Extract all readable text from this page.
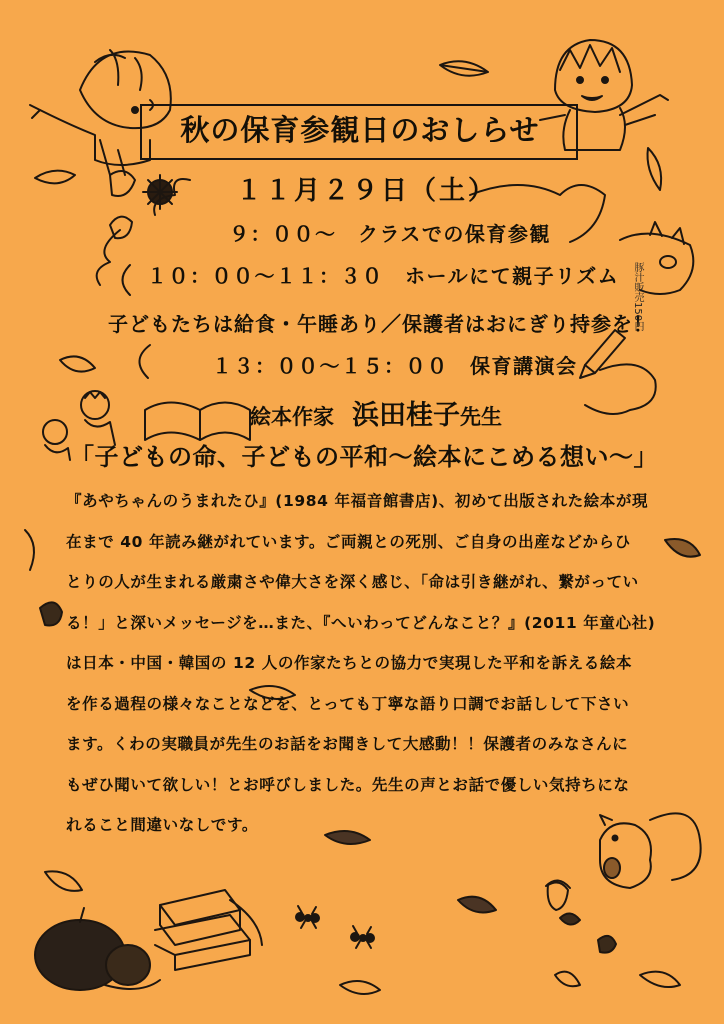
秋の保育参観日のおしらせ
１１月２９日（土）
９：００～　クラスでの保育参観
１０：００～１１：３０　ホールにて親子リズム
子どもたちは給食・午睡あり／保護者はおにぎり持参を！
１３：００～１５：００　保育講演会
絵本作家 浜田桂子先生
「子どもの命、子どもの平和～絵本にこめる想い～」
豚汁販売150円
『あやちゃんのうまれたひ』(1984 年福音館書店)、初めて出版された絵本が現
在まで 40 年読み継がれています。ご両親との死別、ご自身の出産などからひ
とりの人が生まれる厳粛さや偉大さを深く感じ、「命は引き継がれ、繋がってい
る！」と深いメッセージを…また、『へいわってどんなこと？』(2011 年童心社)
は日本・中国・韓国の 12 人の作家たちとの協力で実現した平和を訴える絵本
を作る過程の様々なことなどを、とっても丁寧な語り口調でお話しして下さい
ます。くわの実職員が先生のお話をお聞きして大感動！！保護者のみなさんに
もぜひ聞いて欲しい！とお呼びしました。先生の声とお話で優しい気持ちにな
れること間違いなしです。
